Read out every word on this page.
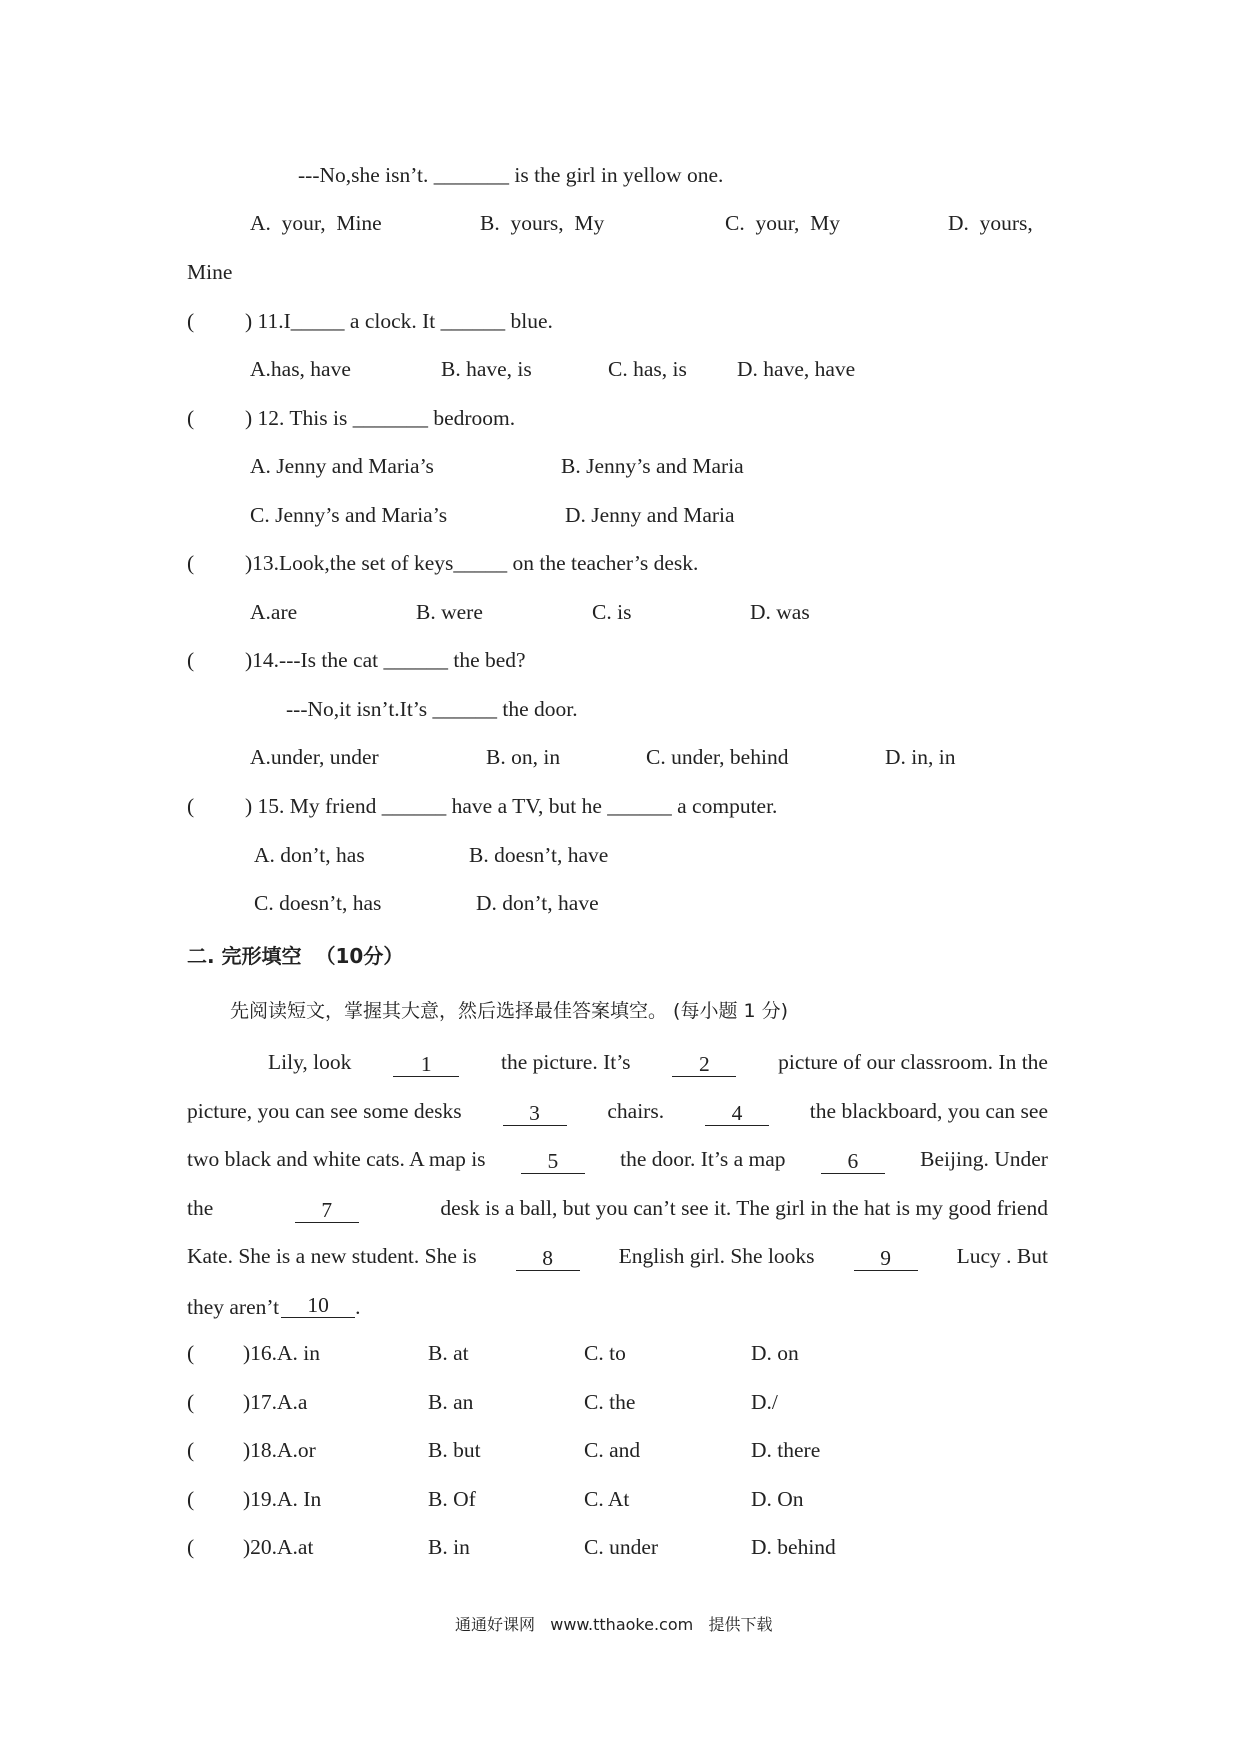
---No,she isn’t. _______ is the girl in yellow one.
A.  your,  Mine	B.  yours,  My	C.  your,  My	D.  yours,
Mine
( ) 11.I_____ a clock. It ______ blue.
A.has, have	B. have, is	C. has, is D. have, have
( ) 12. This is _______ bedroom.
A. Jenny and Maria’s	B. Jenny’s and Maria
C. Jenny’s and Maria’s	D. Jenny and Maria
( )13.Look,the set of keys_____ on the teacher’s desk.
A.are	B. were	C. is	D. was
( )14.---Is the cat ______ the bed?
---No,it isn’t.It’s ______ the door.
A.under, under	B. on, in	C. under, behind	D. in, in
( ) 15. My friend ______ have a TV, but he ______ a computer.
A. don’t, has	B. doesn’t, have
C. doesn’t, has	D. don’t, have
二. 完形填空  （10分）
先阅读短文，掌握其大意，然后选择最佳答案填空。 (每小题 1 分)
Lily, look	1	the picture. It’s	2	picture of our classroom. In the
picture, you can see some desks	3	chairs.	4	the blackboard, you can see
two black and white cats. A map is	5	the door. It’s a map	6	Beijing. Under
the	7	desk is a ball, but you can’t see it. The girl in the hat is my good friend
Kate. She is a new student. She is	8	English girl. She looks	9	Lucy . But
they aren’t 10 .
( )16.A. in	B. at	C. to	D. on
( )17.A.a	B. an	C. the	D./
( )18.A.or	B. but	C. and	D. there
( )19.A. In	B. Of	C. At	D. On
( )20.A.at	B. in	C. under	D. behind
通通好课网   www.tthaoke.com   提供下载
